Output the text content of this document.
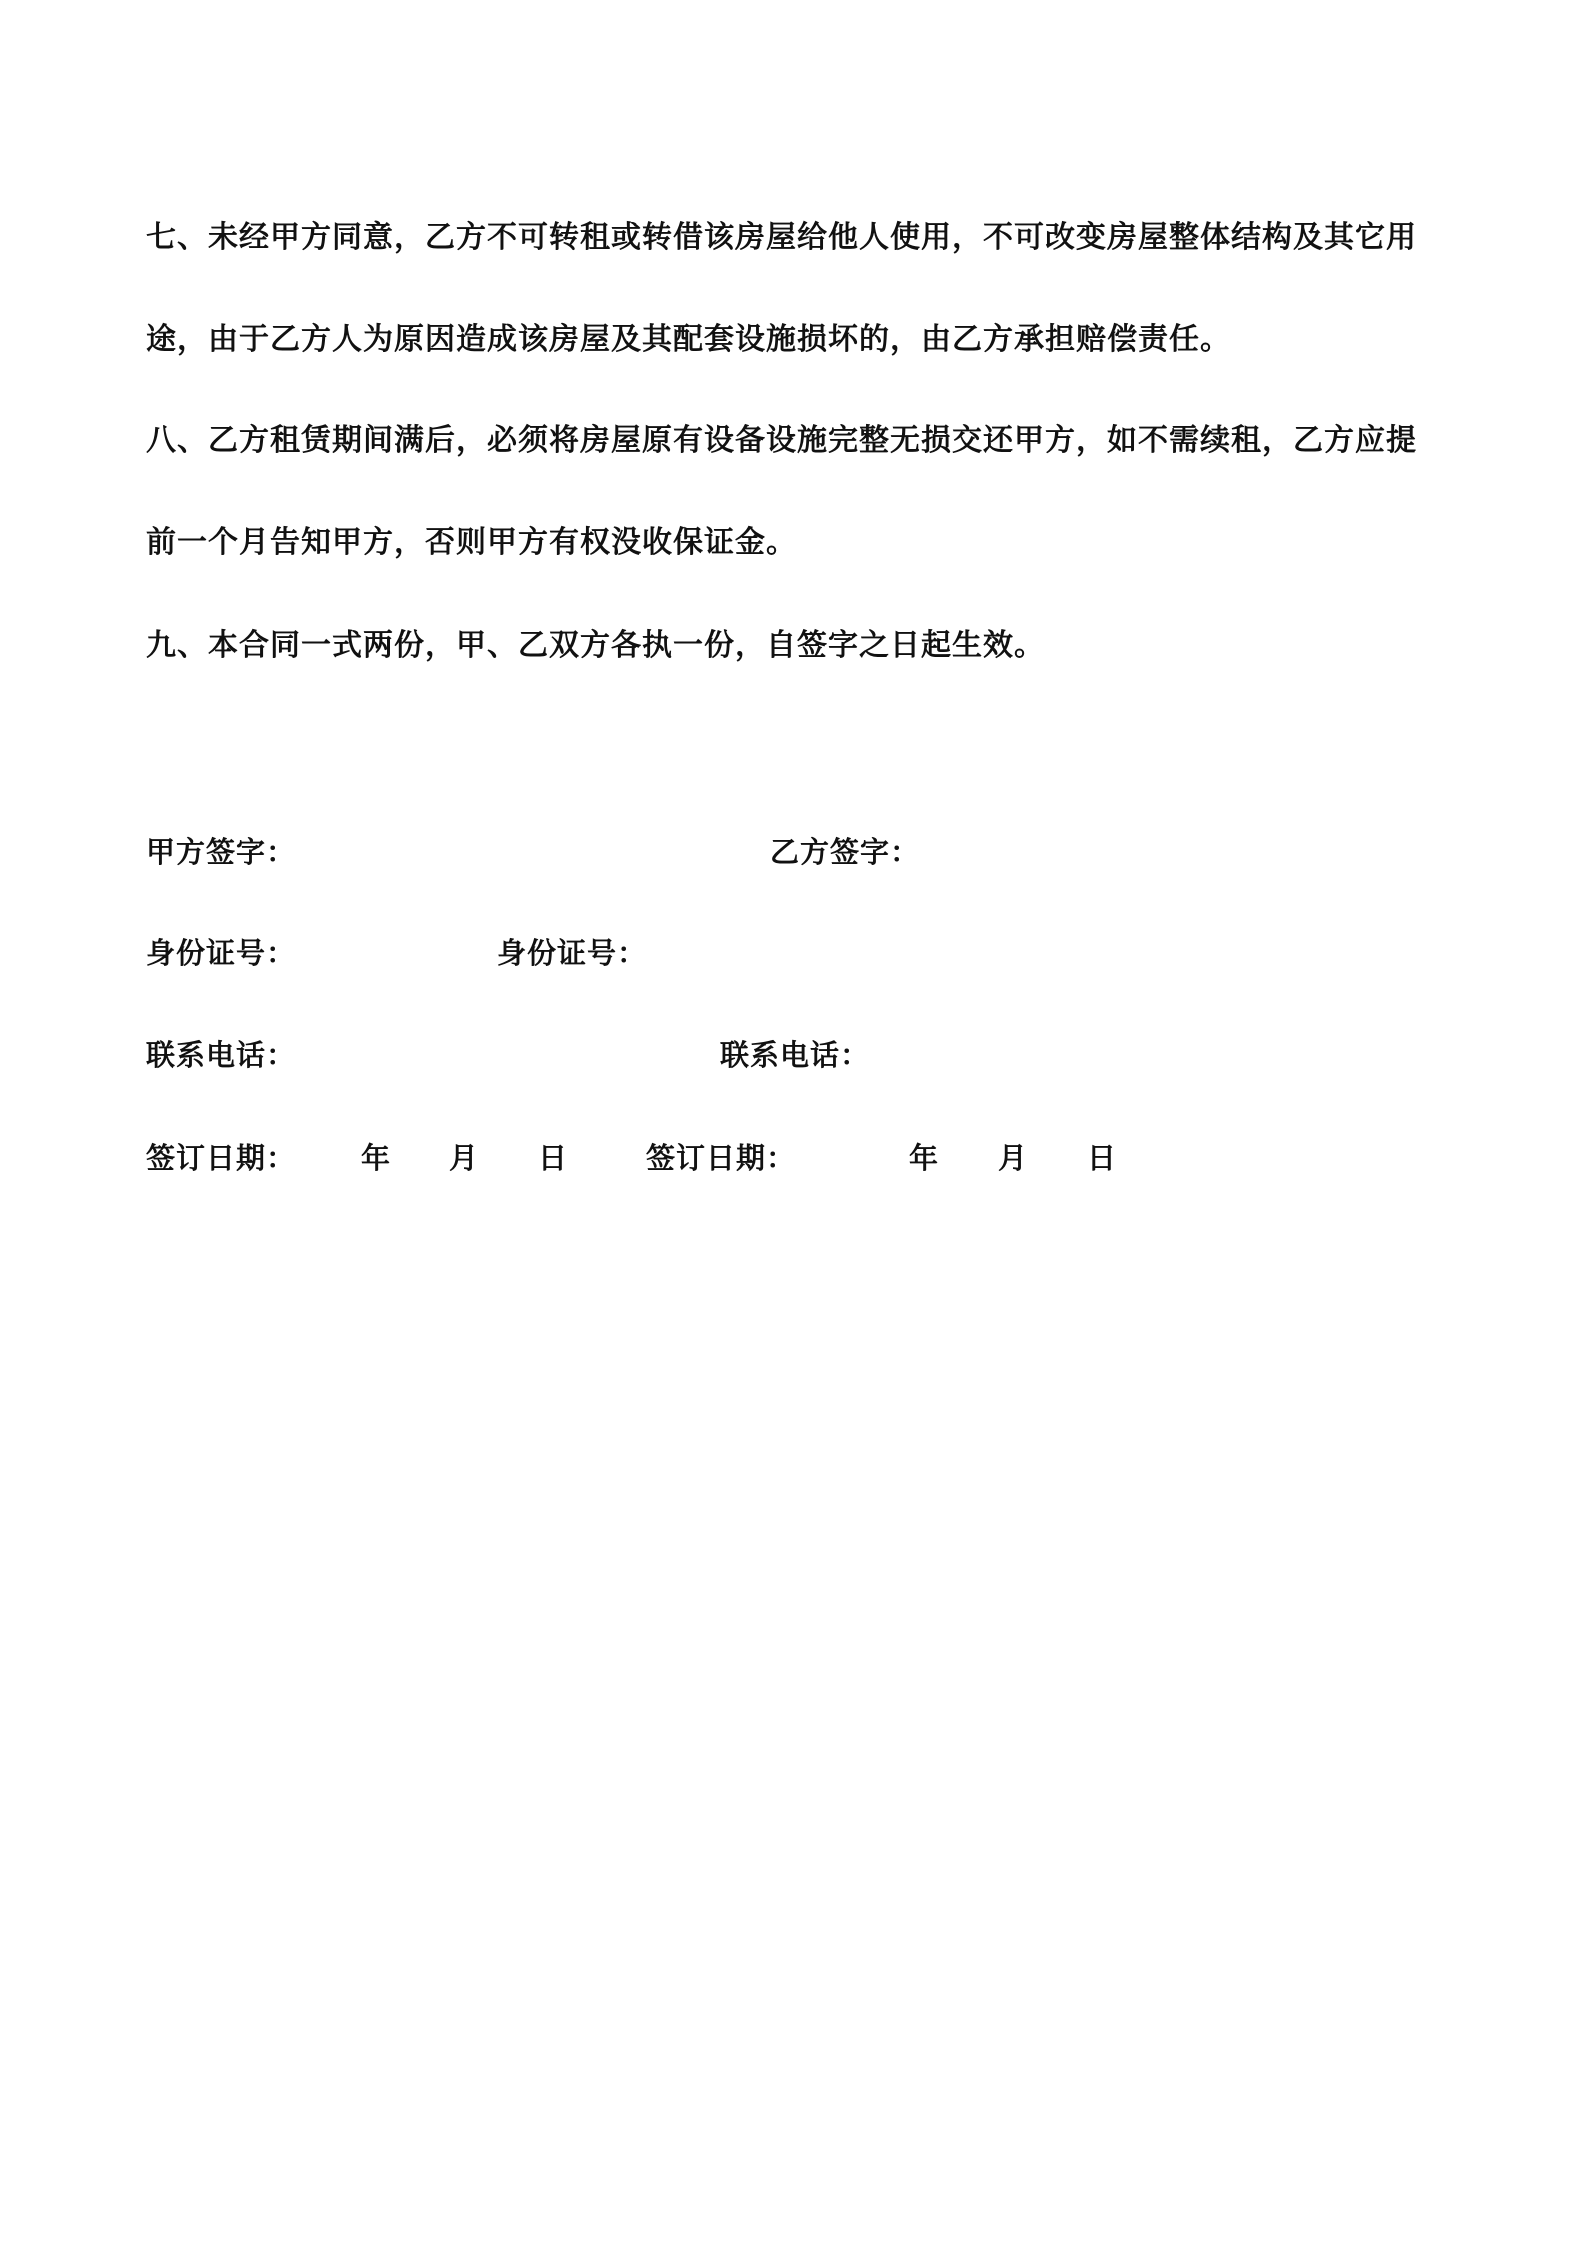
七、未经甲方同意，乙方不可转租或转借该房屋给他人使用，不可改变房屋整体结构及其它用
途，由于乙方人为原因造成该房屋及其配套设施损坏的，由乙方承担赔偿责任。
八、乙方租赁期间满后，必须将房屋原有设备设施完整无损交还甲方，如不需续租，乙方应提
前一个月告知甲方，否则甲方有权没收保证金。
九、本合同一式两份，甲、乙双方各执一份，自签字之日起生效。
甲方签字：	乙方签字：
身份证号：	身份证号：
联系电话：	联系电话：
签订日期： 年 月 日	签订日期：	年 月 日
